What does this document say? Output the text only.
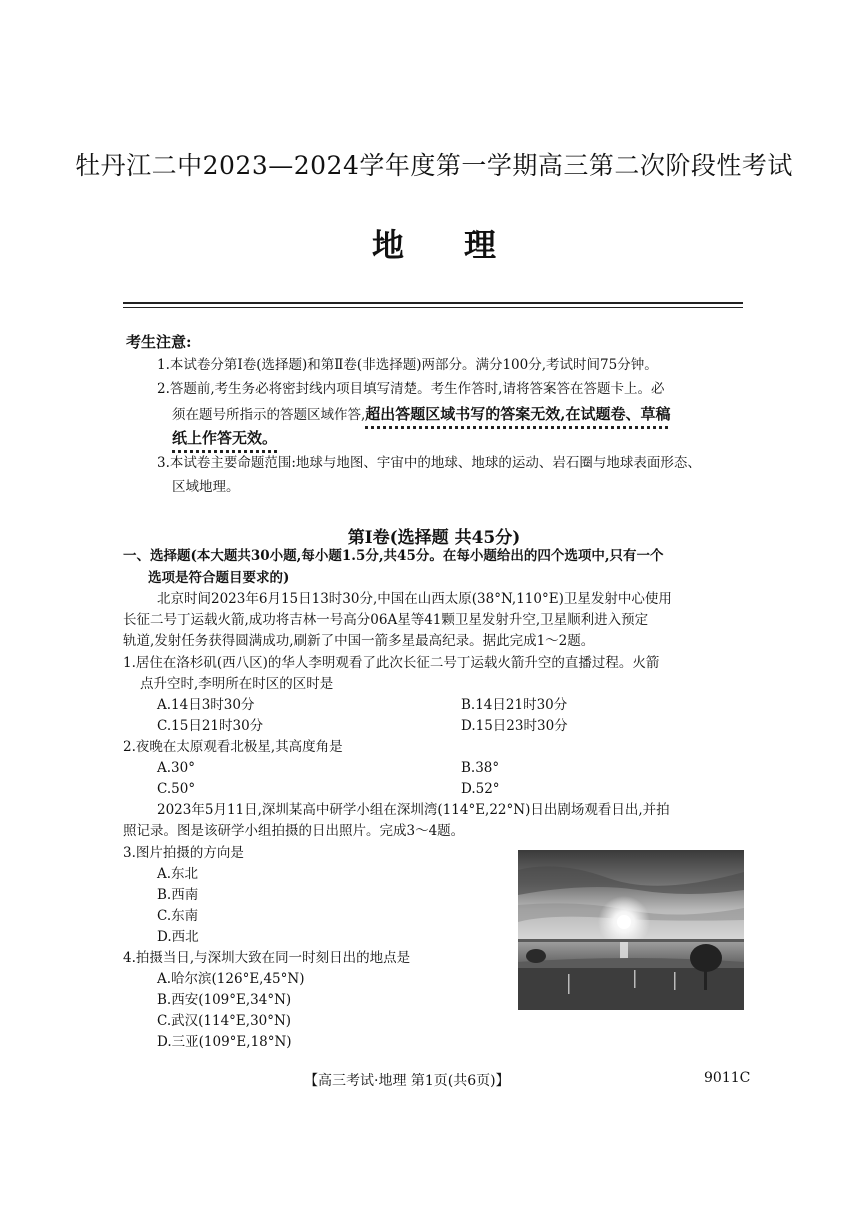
牡丹江二中2023—2024学年度第一学期高三第二次阶段性考试
地理
考生注意:
1.本试卷分第Ⅰ卷(选择题)和第Ⅱ卷(非选择题)两部分。满分100分,考试时间75分钟。
2.答题前,考生务必将密封线内项目填写清楚。考生作答时,请将答案答在答题卡上。必
须在题号所指示的答题区域作答,超出答题区域书写的答案无效,在试题卷、草稿
纸上作答无效。
3.本试卷主要命题范围:地球与地图、宇宙中的地球、地球的运动、岩石圈与地球表面形态、
区域地理。
第Ⅰ卷(选择题 共45分)
一、选择题(本大题共30小题,每小题1.5分,共45分。在每小题给出的四个选项中,只有一个
选项是符合题目要求的)
北京时间2023年6月15日13时30分,中国在山西太原(38°N,110°E)卫星发射中心使用
长征二号丁运载火箭,成功将吉林一号高分06A星等41颗卫星发射升空,卫星顺利进入预定
轨道,发射任务获得圆满成功,刷新了中国一箭多星最高纪录。据此完成1～2题。
1.居住在洛杉矶(西八区)的华人李明观看了此次长征二号丁运载火箭升空的直播过程。火箭
点升空时,李明所在时区的区时是
A.14日3时30分	B.14日21时30分
C.15日21时30分	D.15日23时30分
2.夜晚在太原观看北极星,其高度角是
A.30°	B.38°
C.50°	D.52°
2023年5月11日,深圳某高中研学小组在深圳湾(114°E,22°N)日出剧场观看日出,并拍
照记录。图是该研学小组拍摄的日出照片。完成3～4题。
3.图片拍摄的方向是
A.东北
B.西南
C.东南
D.西北
4.拍摄当日,与深圳大致在同一时刻日出的地点是
A.哈尔滨(126°E,45°N)
B.西安(109°E,34°N)
C.武汉(114°E,30°N)
D.三亚(109°E,18°N)
【高三考试·地理 第1页(共6页)】	9011C
